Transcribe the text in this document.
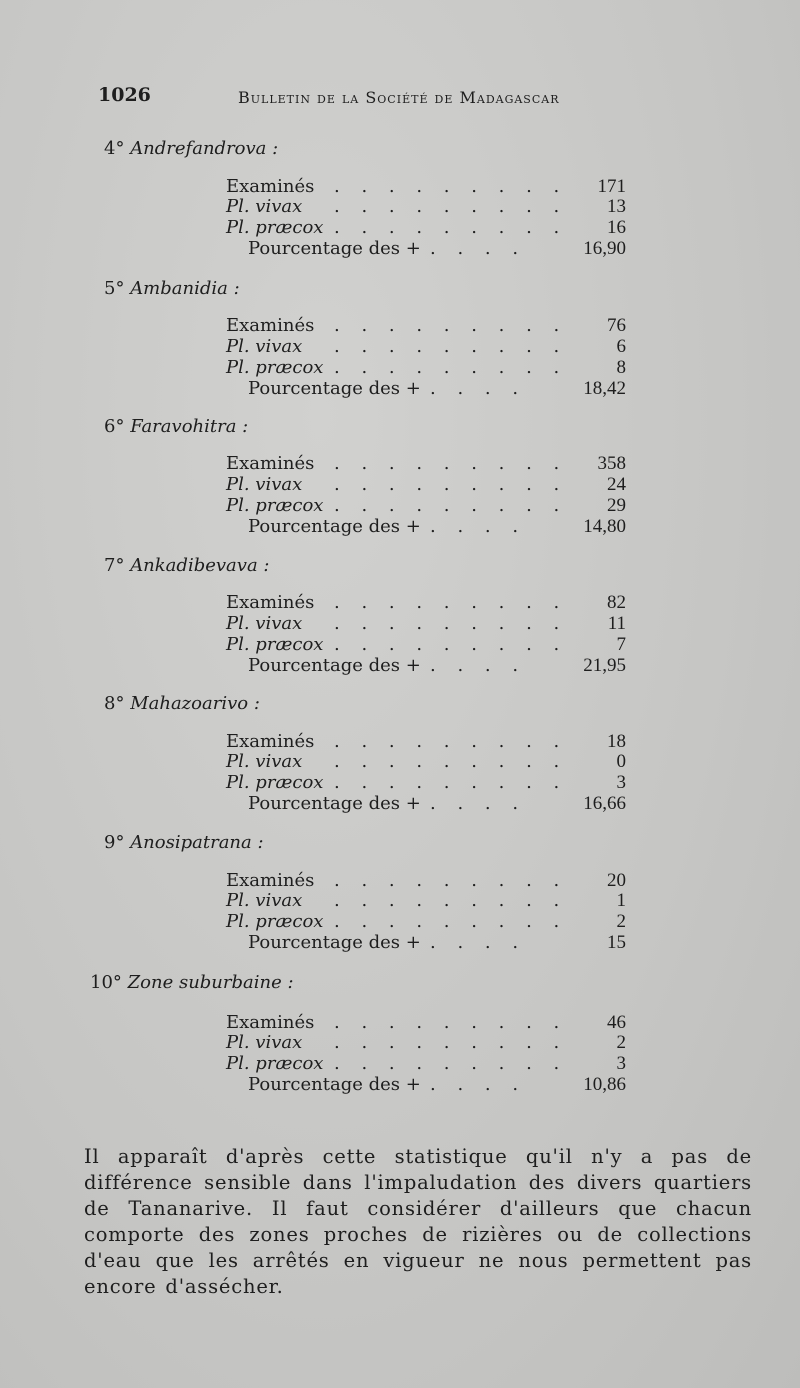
1026	Bulletin de la Société de Madagascar
4° Andrefandrova :
Examinés . . . . . . . . . 171
Pl. vivax . . . . . . . . . 13
Pl. præcox . . . . . . . . . 16
Pourcentage des + . . . .	16,90
5° Ambanidia :
Examinés . . . . . . . . . 76
Pl. vivax . . . . . . . . .	6
Pl. præcox . . . . . . . . .	8
Pourcentage des + . . . .	18,42
6° Faravohitra :
Examinés . . . . . . . . . 358
Pl. vivax . . . . . . . . . 24
Pl. præcox . . . . . . . . . 29
Pourcentage des + . . . .	14,80
7° Ankadibevava :
Examinés . . . . . . . . . 82
Pl. vivax . . . . . . . . . 11
Pl. præcox . . . . . . . . .	7
Pourcentage des + . . . .	21,95
8° Mahazoarivo :
Examinés . . . . . . . . . 18
Pl. vivax . . . . . . . . .	0
Pl. præcox . . . . . . . . .	3
Pourcentage des + . . . .	16,66
9° Anosipatrana :
Examinés . . . . . . . . . 20
Pl. vivax . . . . . . . . .	1
Pl. præcox . . . . . . . . .	2
Pourcentage des + . . . .	15
10° Zone suburbaine :
Examinés . . . . . . . . . 46
Pl. vivax . . . . . . . . .	2
Pl. præcox . . . . . . . . .	3
Pourcentage des + . . . .	10,86

Il apparaît d'après cette statistique qu'il n'y a pas de différence sensible dans l'impaludation des divers quartiers de Tananarive. Il faut considérer d'ailleurs que chacun comporte des zones proches de rizières ou de collections d'eau que les arrêtés en vigueur ne nous permettent pas encore d'assécher.
